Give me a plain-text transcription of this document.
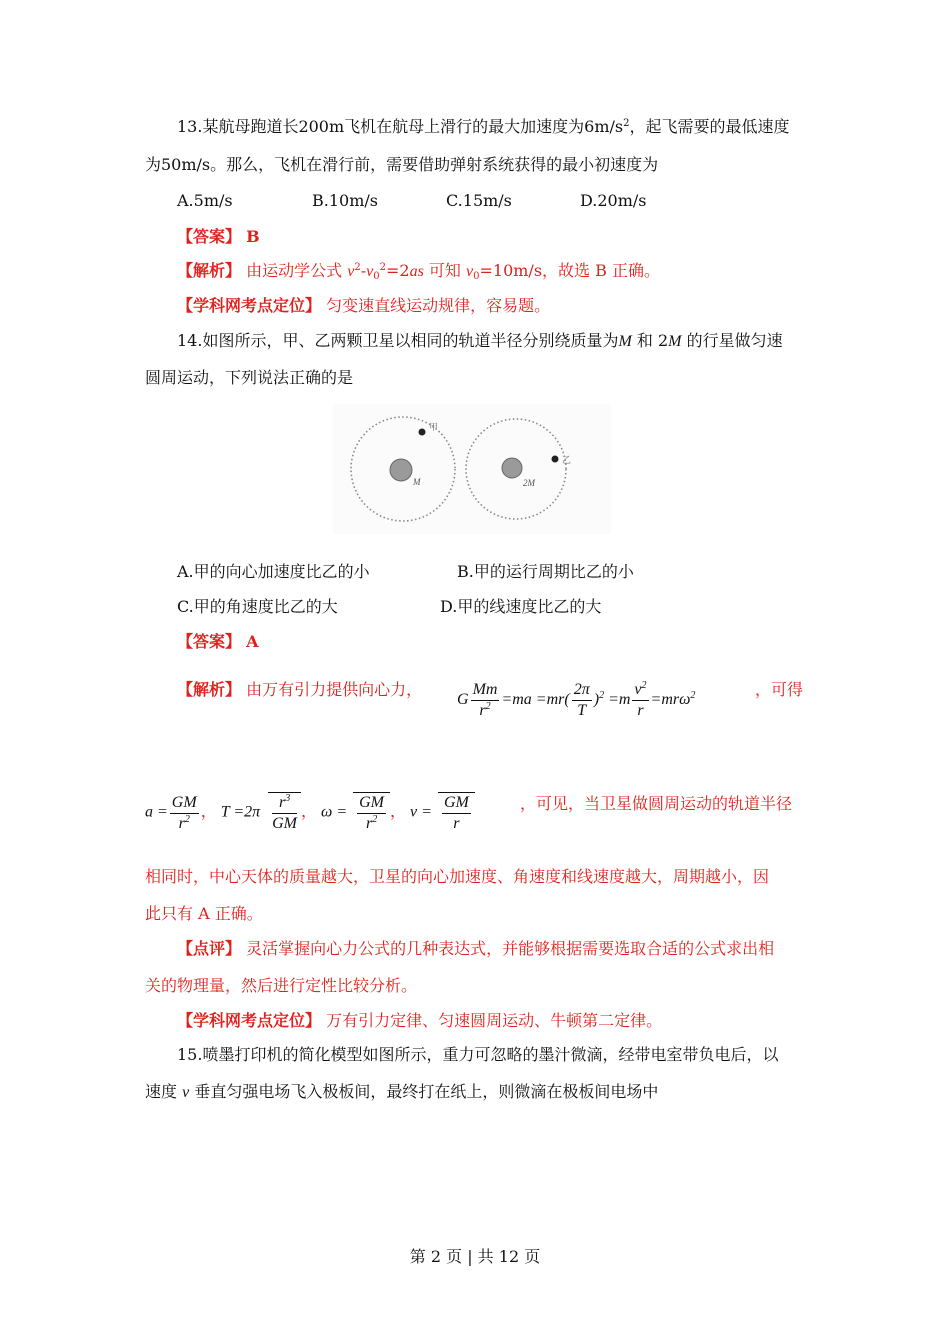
13.某航母跑道长200m飞机在航母上滑行的最大加速度为$6m/s^2$，起飞需要的最低速度
为50m/s。那么，飞机在滑行前，需要借助弹射系统获得的最小初速度为
A.5m/s	B.10m/s	C.15m/s	D.20m/s
【答案】 B
【解析】 由运动学公式 $v^2-v_0^2=2as$ 可知 $v_0=10m/s$，故选 B 正确。
【学科网考点定位】 匀变速直线运动规律，容易题。
14.如图所示，甲、乙两颗卫星以相同的轨道半径分别绕质量为M 和 2M 的行星做匀速
圆周运动，下列说法正确的是
M
甲
2M
乙
A.甲的向心加速度比乙的小	B.甲的运行周期比乙的小
C.甲的角速度比乙的大	D.甲的线速度比乙的大
【答案】 A
【解析】 由万有引力提供向心力，
G $\frac{Mm}{r^2} =ma =mr( \frac{2\pi}{T} )^2 =m \frac{v^2}{r} =mr\omega^2$	，可得
$a = \frac{GM}{r^2}$ ， $T =2\pi \frac{r^3}{GM}$ ， $\omega = \frac{GM}{r^2}$ ， $v = \frac{GM}{r}$	，可见，当卫星做圆周运动的轨道半径
相同时，中心天体的质量越大，卫星的向心加速度、角速度和线速度越大，周期越小，因
此只有 A 正确。
【点评】 灵活掌握向心力公式的几种表达式，并能够根据需要选取合适的公式求出相
关的物理量，然后进行定性比较分析。
【学科网考点定位】 万有引力定律、匀速圆周运动、牛顿第二定律。
15.喷墨打印机的简化模型如图所示，重力可忽略的墨汁微滴，经带电室带负电后，以
速度 v 垂直匀强电场飞入极板间，最终打在纸上，则微滴在极板间电场中
第 2 页 | 共 12 页
